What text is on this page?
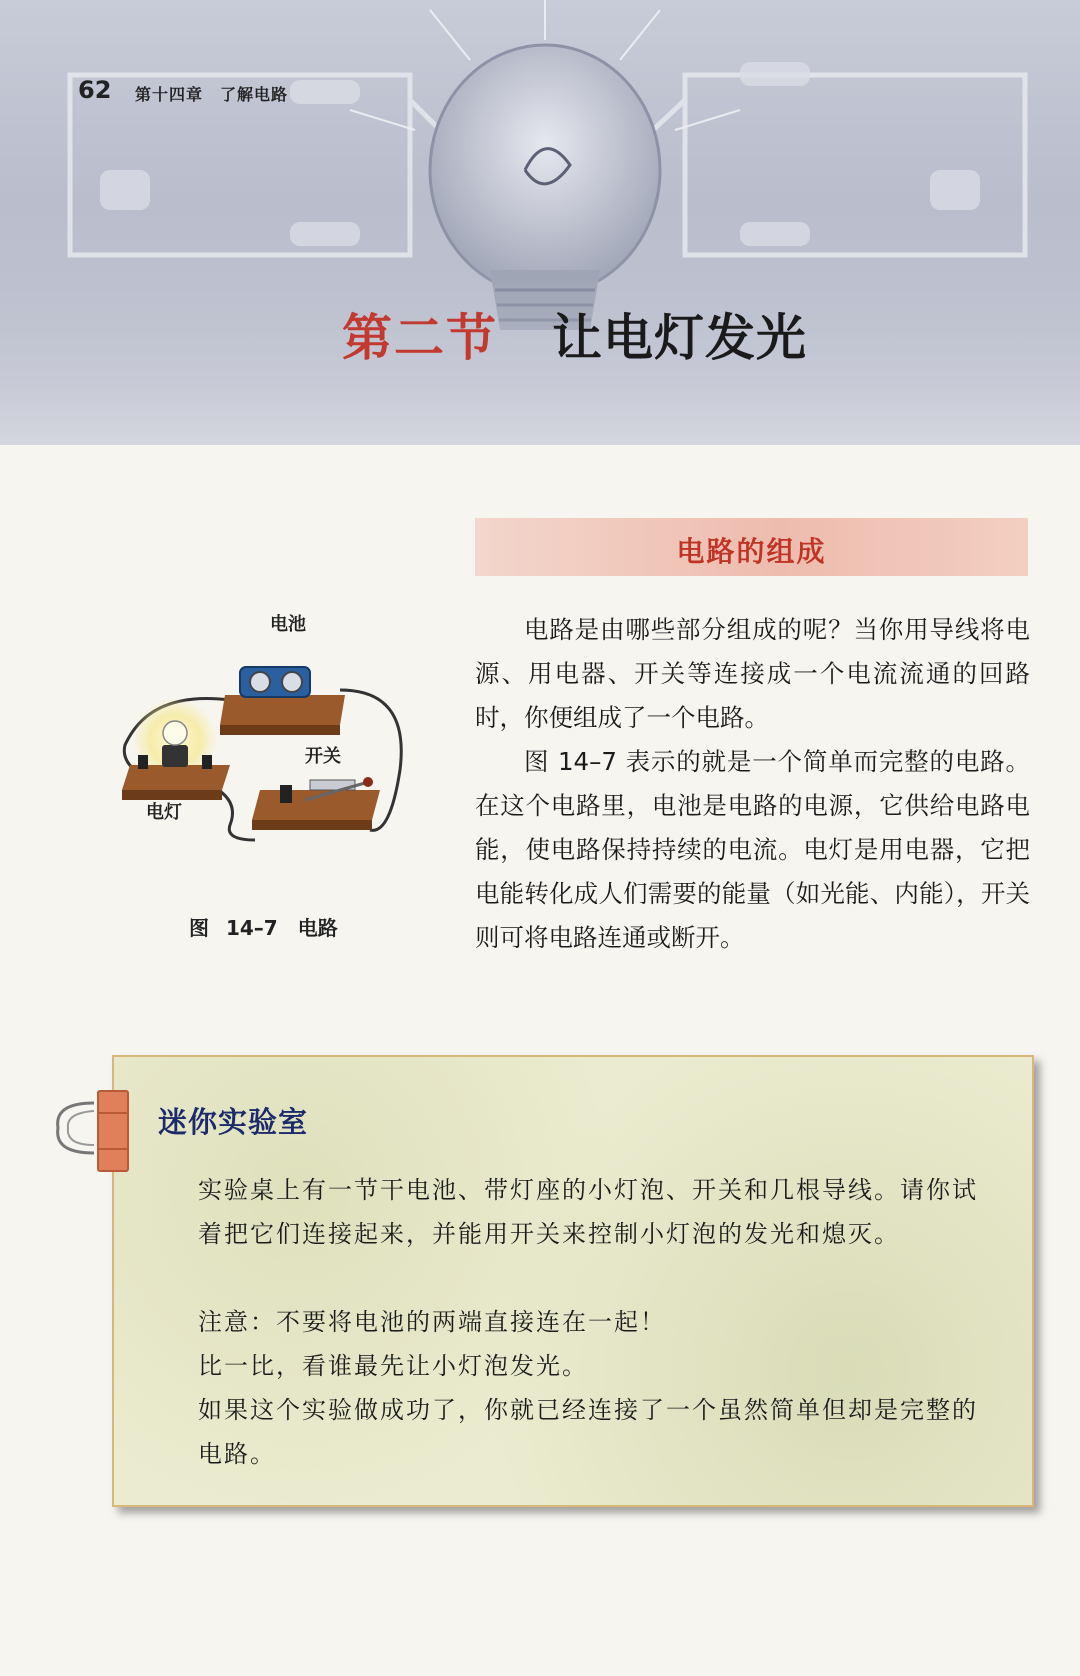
62 第十四章　了解电路
第二节 让电灯发光
电路的组成

电路是由哪些部分组成的呢？当你用导线将电源、用电器、开关等连接成一个电流流通的回路时，你便组成了一个电路。

图 14–7 表示的就是一个简单而完整的电路。在这个电路里，电池是电路的电源，它供给电路电能，使电路保持持续的电流。电灯是用电器，它把电能转化成人们需要的能量（如光能、内能），开关则可将电路连通或断开。

电池
开关
电灯
图 14–7　电路
迷你实验室

实验桌上有一节干电池、带灯座的小灯泡、开关和几根导线。请你试着把它们连接起来，并能用开关来控制小灯泡的发光和熄灭。

注意：不要将电池的两端直接连在一起！

比一比，看谁最先让小灯泡发光。

如果这个实验做成功了，你就已经连接了一个虽然简单但却是完整的电路。
